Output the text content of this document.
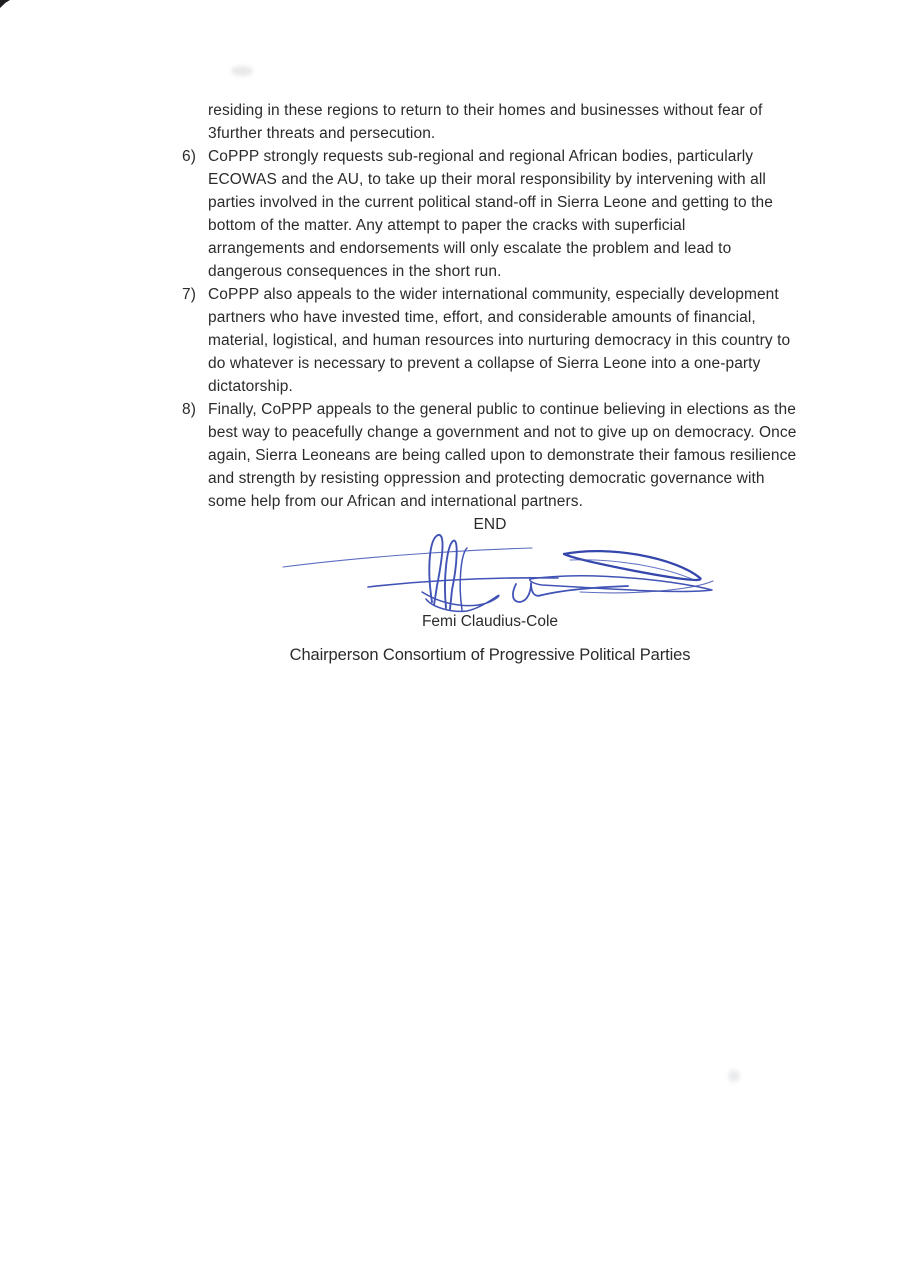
residing in these regions to return to their homes and businesses without fear of
3further threats and persecution.
6) CoPPP strongly requests sub-regional and regional African bodies, particularly
ECOWAS and the AU, to take up their moral responsibility by intervening with all
parties involved in the current political stand-off in Sierra Leone and getting to the
bottom of the matter. Any attempt to paper the cracks with superficial
arrangements and endorsements will only escalate the problem and lead to
dangerous consequences in the short run.
7) CoPPP also appeals to the wider international community, especially development
partners who have invested time, effort, and considerable amounts of financial,
material, logistical, and human resources into nurturing democracy in this country to
do whatever is necessary to prevent a collapse of Sierra Leone into a one-party
dictatorship.
8) Finally, CoPPP appeals to the general public to continue believing in elections as the
best way to peacefully change a government and not to give up on democracy. Once
again, Sierra Leoneans are being called upon to demonstrate their famous resilience
and strength by resisting oppression and protecting democratic governance with
some help from our African and international partners.
END
Femi Claudius-Cole
Chairperson Consortium of Progressive Political Parties
